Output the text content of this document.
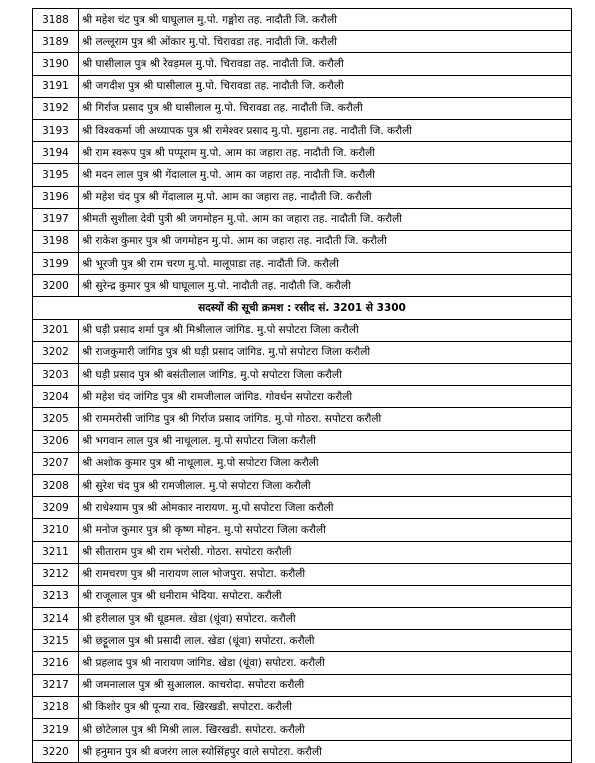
3188	श्री महेश चंट पुत्र श्री घाघूलाल मु.पो. गङ्मोरा तह. नादौती जि. करौली
3189	श्री लल्लूराम पुत्र श्री ओंकार मु.पो. चिरावडा तह. नादौती जि. करौली
3190	श्री घासीलाल पुत्र श्री रेवड़मल मु.पो. चिरावडा तह. नादौती जि. करौली
3191	श्री जगदीश पुत्र श्री घासीलाल मु.पो. चिरावडा तह. नादौती जि. करौली
3192	श्री गिर्राज प्रसाद पुत्र श्री घासीलाल मु.पो. चिरावडा तह. नादौती जि. करौली
3193	श्री विश्वकर्मा जी अध्यापक पुत्र श्री रामेश्वर प्रसाद मु.पो. मुहाना तह. नादौती जि. करौली
3194	श्री राम स्वरूप पुत्र श्री पप्पूराम मु.पो. आम का जहारा तह. नादौती जि. करौली
3195	श्री मदन लाल पुत्र श्री गेंदालाल मु.पो. आम का जहारा तह. नादौती जि. करौली
3196	श्री महेश चंद पुत्र श्री गेंदालाल मु.पो. आम का जहारा तह. नादौती जि. करौली
3197	श्रीमती सुशीला देवी पुत्री श्री जगमोहन मु.पो. आम का जहारा तह. नादौती जि. करौली
3198	श्री राकेश कुमार पुत्र श्री जगमोहन मु.पो. आम का जहारा तह. नादौती जि. करौली
3199	श्री भूरजी पुत्र श्री राम चरण मु.पो. मालूपाडा तह. नादौती जि. करौली
3200	श्री सुरेन्द्र कुमार पुत्र श्री घाघूलाल मु.पो. नादौती तह. नादौती जि. करौली
सदस्यों की सूची क्रमश : रसीद सं. 3201 से 3300	
3201	श्री घड़ी प्रसाद शर्मा पुत्र श्री मिश्रीलाल जांगिड. मु.पो सपोटरा जिला करौली
3202	श्री राजकुमारी जांगिड पुत्र श्री घड़ी प्रसाद जांगिड. मु.पो सपोटरा जिला करौली
3203	श्री घड़ी प्रसाद पुत्र श्री बसंतीलाल जांगिड. मु.पो सपोटरा जिला करौली
3204	श्री महेश चंद जांगिड पुत्र श्री रामजीलाल जांगिड. गोवर्धन सपोटरा करौली
3205	श्री राममरोसी जांगिड पुत्र श्री गिर्राज प्रसाद जांगिड. मु.पो गोठरा. सपोटरा करौली
3206	श्री भगवान लाल पुत्र श्री नाथूलाल. मु.पो सपोटरा जिला करौली
3207	श्री अशोक कुमार पुत्र श्री नाथूलाल. मु.पो सपोटरा जिला करौली
3208	श्री सुरेश चंद पुत्र श्री रामजीलाल. मु.पो सपोटरा जिला करौली
3209	श्री राधेश्याम पुत्र श्री ओमकार नारायण. मु.पो सपोटरा जिला करौली
3210	श्री मनोज कुमार पुत्र श्री कृष्ण मोहन. मु.पो सपोटरा जिला करौली
3211	श्री सीताराम पुत्र श्री राम भरोसी. गोठरा. सपोटरा करौली
3212	श्री रामचरण पुत्र श्री नारायण लाल भोजपुरा. सपोटा. करौली
3213	श्री राजूलाल पुत्र श्री धनीराम भेदिया. सपोटरा. करौली
3214	श्री हरीलाल पुत्र श्री धूडमल. खेडा (धूंवा) सपोटरा. करौली
3215	श्री छट्टूलाल पुत्र श्री प्रसादी लाल. खेडा (धूंवा) सपोटरा. करौली
3216	श्री प्रहलाद पुत्र श्री नारायण जांगिड. खेडा (धूंवा) सपोटरा. करौली
3217	श्री जमनालाल पुत्र श्री सुआलाल. काचरोदा. सपोटरा करौली
3218	श्री किशोर पुत्र श्री पून्या राव. खिरखडी. सपोटरा. करौली
3219	श्री छोटेलाल पुत्र श्री मिश्री लाल. खिरखडी. सपोटरा. करौली
3220	श्री हनुमान पुत्र श्री बजरंग लाल स्योसिंहपुर वाले सपोटरा. करौली
